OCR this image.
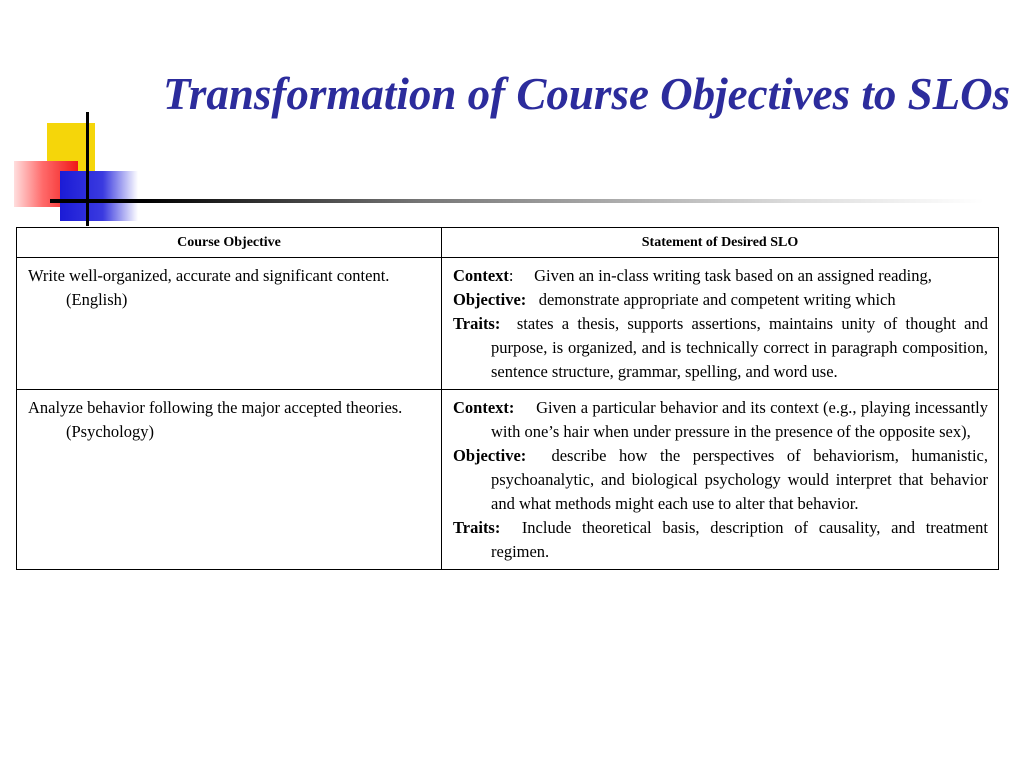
Transformation of Course Objectives to SLOs
Course Objective	Statement of Desired SLO

Write well-organized, accurate and significant content. (English)	Context: Given an in-class writing task based on an assigned reading,

Objective: demonstrate appropriate and competent writing which

Traits: states a thesis, supports assertions, maintains unity of thought and purpose, is organized, and is technically correct in paragraph composition, sentence structure, grammar, spelling, and word use.

Analyze behavior following the major accepted theories. (Psychology)	Context: Given a particular behavior and its context (e.g., playing incessantly with one’s hair when under pressure in the presence of the opposite sex),

Objective: describe how the perspectives of behaviorism, humanistic, psychoanalytic, and biological psychology would interpret that behavior and what methods might each use to alter that behavior.

Traits: Include theoretical basis, description of causality, and treatment regimen.
